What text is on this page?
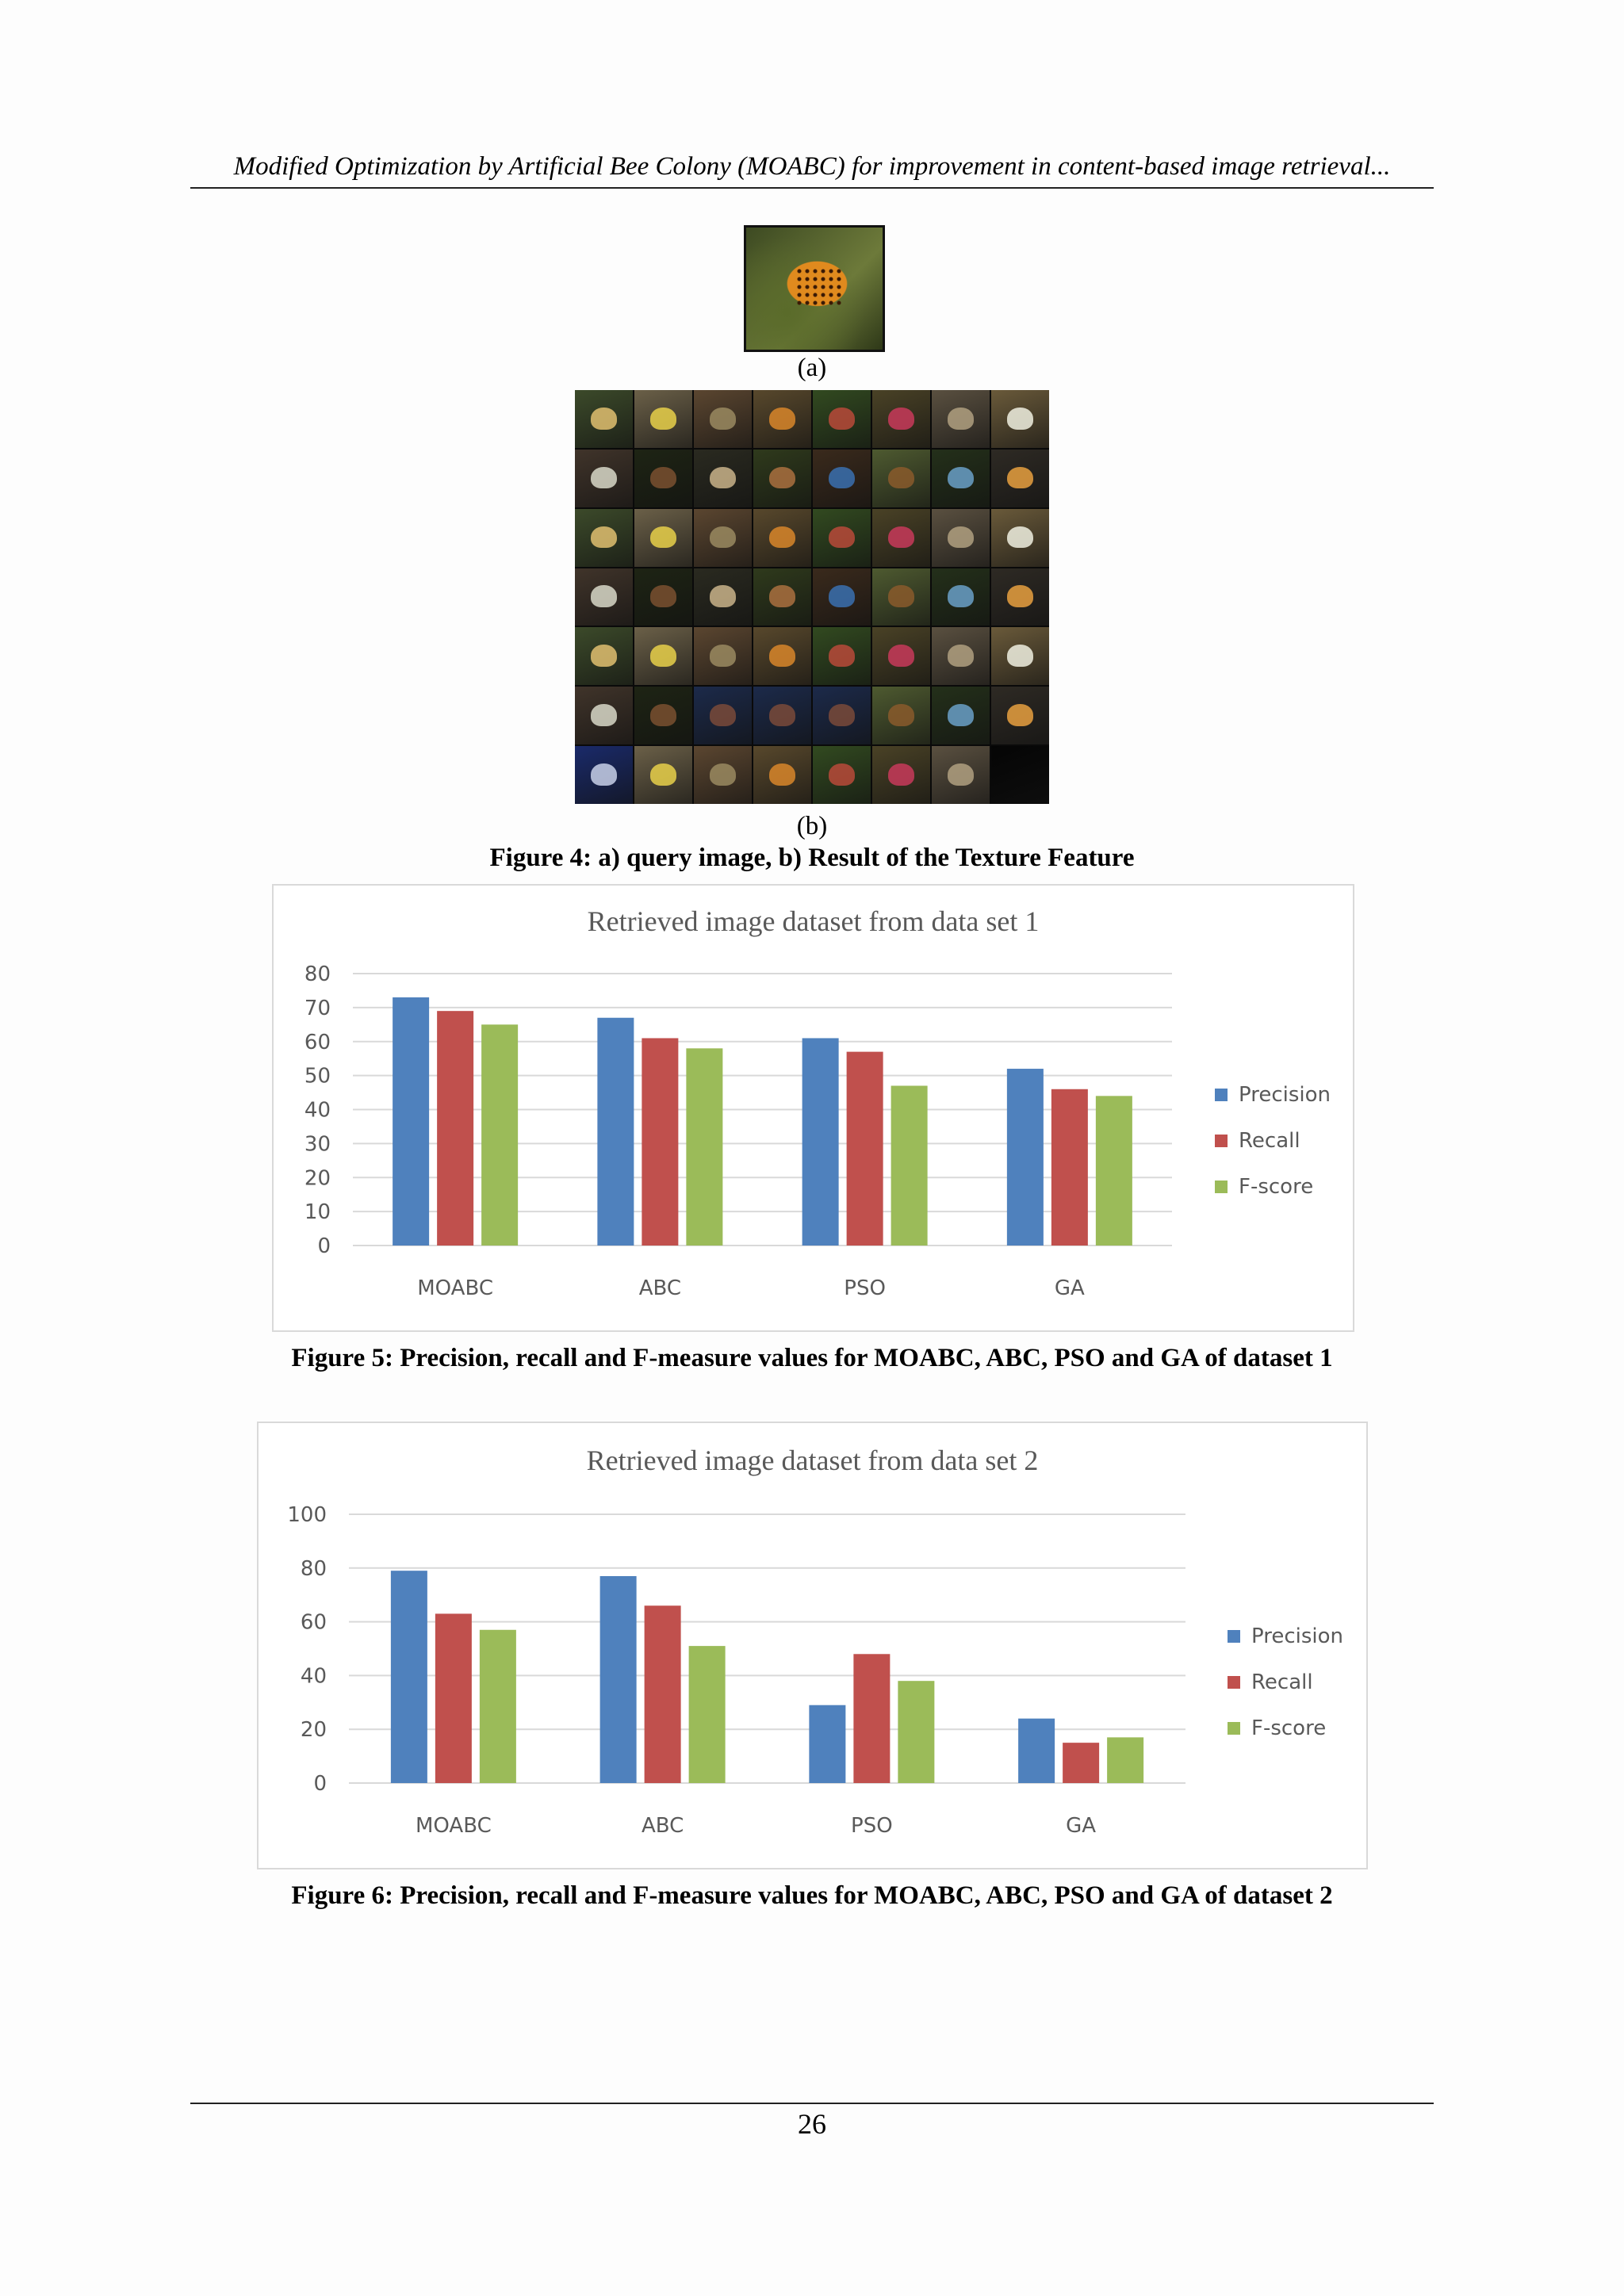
Modified Optimization by Artificial Bee Colony (MOABC) for improvement in content-based image retrieval...
(a)
(b)
Figure 4: a) query image, b) Result of the Texture Feature
Retrieved image dataset from data set 1
0
10
20
30
40
50
60
70
80
MOABC	ABC	PSO	GA
Precision
Recall
F-score
Figure 5: Precision, recall and F-measure values for MOABC, ABC, PSO and GA of dataset 1
Retrieved image dataset from data set 2
0
20
40
60
80
100
MOABC	ABC	PSO	GA
Precision
Recall
F-score
Figure 6: Precision, recall and F-measure values for MOABC, ABC, PSO and GA of dataset 2
26
